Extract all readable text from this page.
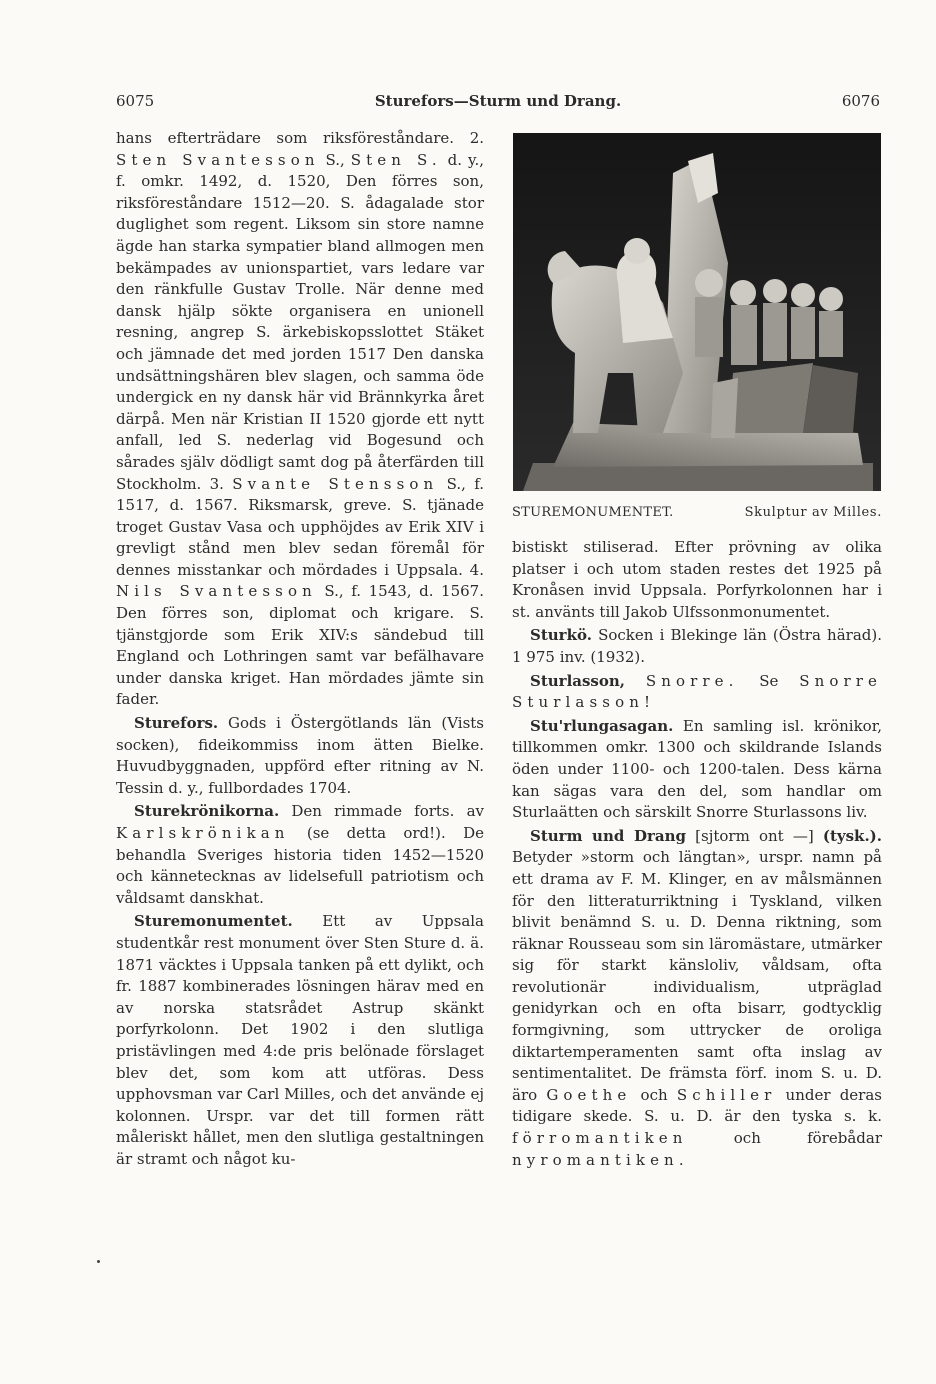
6075	Sturefors—Sturm und Drang.	6076

hans efterträdare som riksföreståndare. 2. Sten Svantesson S., Sten S. d. y., f. omkr. 1492, d. 1520, Den förres son, riksföreståndare 1512—20. S. ådagalade stor duglighet som regent. Liksom sin store namne ägde han starka sympatier bland allmogen men bekämpades av unionspartiet, vars ledare var den ränkfulle Gustav Trolle. När denne med dansk hjälp sökte organisera en unionell resning, angrep S. ärkebiskopsslottet Stäket och jämnade det med jorden 1517 Den danska undsättningshären blev slagen, och samma öde undergick en ny dansk här vid Brännkyrka året därpå. Men när Kristian II 1520 gjorde ett nytt anfall, led S. nederlag vid Bogesund och sårades själv dödligt samt dog på återfärden till Stockholm. 3. Svante Stensson S., f. 1517, d. 1567. Riksmarsk, greve. S. tjänade troget Gustav Vasa och upphöjdes av Erik XIV i grevligt stånd men blev sedan föremål för dennes misstankar och mördades i Uppsala. 4. Nils Svantesson S., f. 1543, d. 1567. Den förres son, diplomat och krigare. S. tjänstgjorde som Erik XIV:s sändebud till England och Lothringen samt var befälhavare under danska kriget. Han mördades jämte sin fader.

Sturefors. Gods i Östergötlands län (Vists socken), fideikommiss inom ätten Bielke. Huvudbyggnaden, uppförd efter ritning av N. Tessin d. y., fullbordades 1704.

Sturekrönikorna. Den rimmade forts. av Karlskrönikan (se detta ord!). De behandla Sveriges historia tiden 1452—1520 och kännetecknas av lidelsefull patriotism och våldsamt danskhat.

Sturemonumentet. Ett av Uppsala studentkår rest monument över Sten Sture d. ä. 1871 väcktes i Uppsala tanken på ett dylikt, och fr. 1887 kombinerades lösningen härav med en av norska statsrådet Astrup skänkt porfyrkolonn. Det 1902 i den slutliga pristävlingen med 4:de pris belönade förslaget blev det, som kom att utföras. Dess upphovsman var Carl Milles, och det använde ej kolonnen. Urspr. var det till formen rätt måleriskt hållet, men den slutliga gestaltningen är stramt och något ku-

STUREMONUMENTET.	Skulptur av Milles.

bistiskt stiliserad. Efter prövning av olika platser i och utom staden restes det 1925 på Kronåsen invid Uppsala. Porfyrkolonnen har i st. använts till Jakob Ulfssonmonumentet.

Sturkö. Socken i Blekinge län (Östra härad). 1 975 inv. (1932).

Sturlasson, Snorre. Se Snorre Sturlasson!

Stu'rlungasagan. En samling isl. krönikor, tillkommen omkr. 1300 och skildrande Islands öden under 1100- och 1200-talen. Dess kärna kan sägas vara den del, som handlar om Sturlaätten och särskilt Snorre Sturlassons liv.

Sturm und Drang [sjtorm ont —] (tysk.). Betyder »storm och längtan», urspr. namn på ett drama av F. M. Klinger, en av målsmännen för den litteraturriktning i Tyskland, vilken blivit benämnd S. u. D. Denna riktning, som räknar Rousseau som sin läromästare, utmärker sig för starkt känsloliv, våldsam, ofta revolutionär individualism, utpräglad genidyrkan och en ofta bisarr, godtycklig formgivning, som uttrycker de oroliga diktartemperamenten samt ofta inslag av sentimentalitet. De främsta förf. inom S. u. D. äro Goethe och Schiller under deras tidigare skede. S. u. D. är den tyska s. k. förromantiken och förebådar nyromantiken.
